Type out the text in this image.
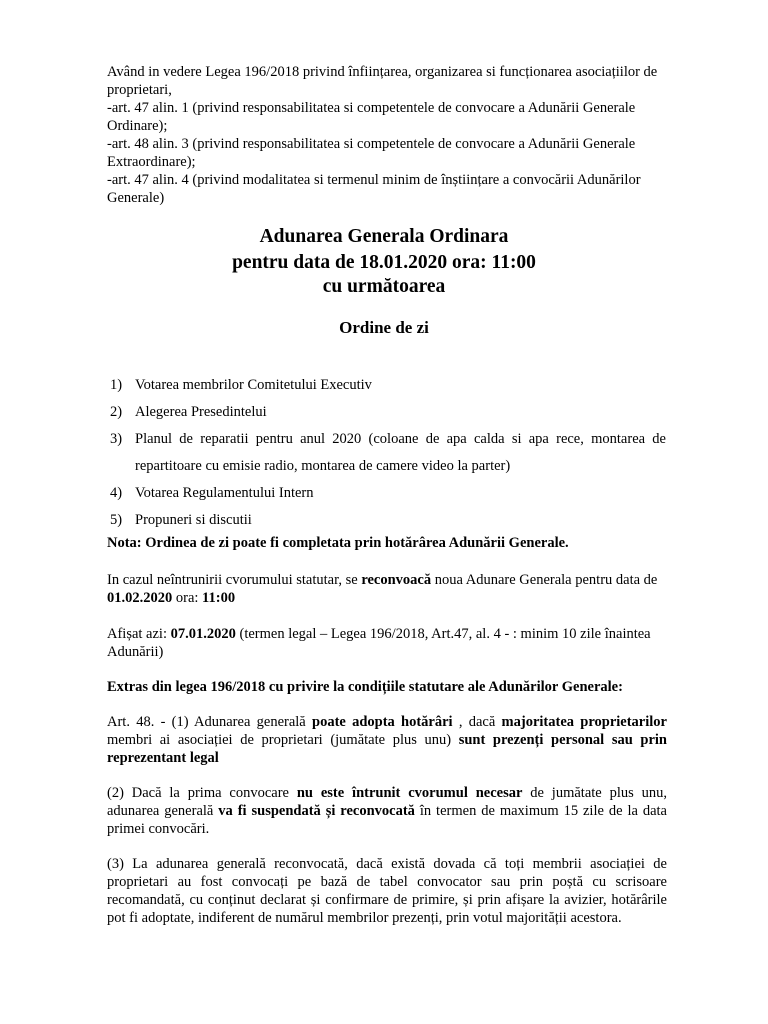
Având in vedere Legea 196/2018 privind înființarea, organizarea si funcționarea asociațiilor de proprietari,

-art. 47 alin. 1 (privind responsabilitatea si competentele de convocare a Adunării Generale Ordinare);

-art. 48 alin. 3 (privind responsabilitatea si competentele de convocare a Adunării Generale Extraordinare);

-art. 47 alin. 4 (privind modalitatea si termenul minim de înștiințare a convocării Adunărilor Generale)

Adunarea Generala Ordinara

pentru data de 18.01.2020 ora: 11:00

cu următoarea

Ordine de zi

1) Votarea membrilor Comitetului Executiv
2) Alegerea Presedintelui
3) Planul de reparatii pentru anul 2020 (coloane de apa calda si apa rece, montarea de repartitoare cu emisie radio, montarea de camere video la parter)
4) Votarea Regulamentului Intern
5) Propuneri si discutii

Nota: Ordinea de zi poate fi completata prin hotărârea Adunării Generale.

In cazul neîntrunirii cvorumului statutar, se reconvoacă noua Adunare Generala pentru data de 01.02.2020 ora: 11:00

Afișat azi: 07.01.2020 (termen legal – Legea 196/2018, Art.47, al. 4 - : minim 10 zile înaintea Adunării)

Extras din legea 196/2018 cu privire la condițiile statutare ale Adunărilor Generale:

Art. 48. - (1) Adunarea generală poate adopta hotărâri , dacă majoritatea proprietarilor membri ai asociației de proprietari (jumătate plus unu) sunt prezenți personal sau prin reprezentant legal

(2) Dacă la prima convocare nu este întrunit cvorumul necesar de jumătate plus unu, adunarea generală va fi suspendată și reconvocată în termen de maximum 15 zile de la data primei convocări.

(3) La adunarea generală reconvocată, dacă există dovada că toți membrii asociației de proprietari au fost convocați pe bază de tabel convocator sau prin poștă cu scrisoare recomandată, cu conținut declarat și confirmare de primire, și prin afișare la avizier, hotărârile pot fi adoptate, indiferent de numărul membrilor prezenți, prin votul majorității acestora.
